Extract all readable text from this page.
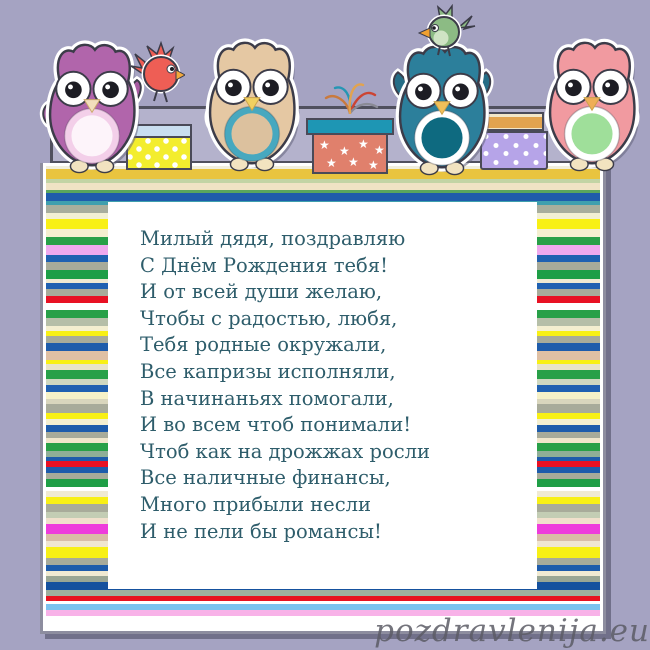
Милый дядя, поздравляю
С Днём Рождения тебя!
И от всей души желаю,
Чтобы с радостью, любя,
Тебя родные окружали,
Все капризы исполняли,
В начинаньях помогали,
И во всем чтоб понимали!
Чтоб как на дрожжах росли
Все наличные финансы,
Много прибыли несли
И не пели бы романсы!
★ ★ ★ ★
★ ★ ★
pozdravlenija.eu
